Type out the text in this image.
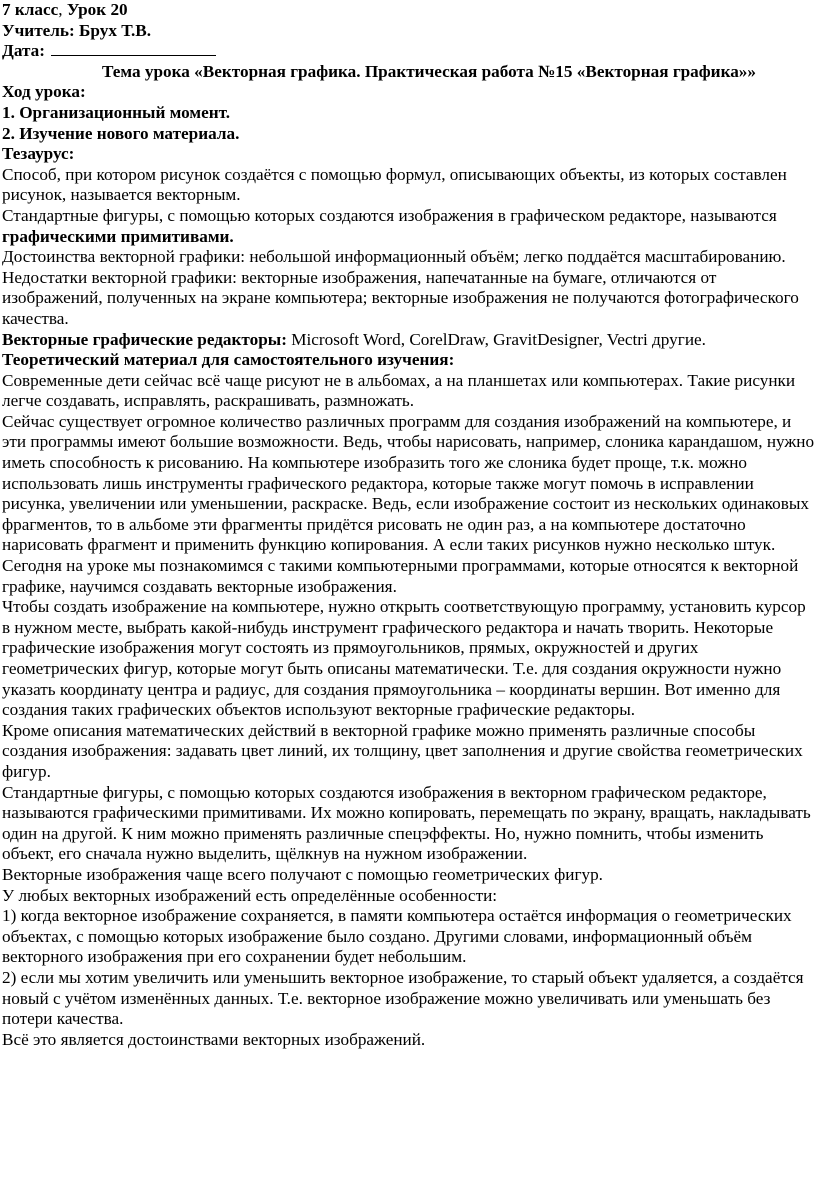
7 класс, Урок 20

Учитель: Брух Т.В.

Дата:

Тема урока «Векторная графика. Практическая работа №15 «Векторная графика»»

Ход урока:

1. Организационный момент.

2. Изучение нового материала.

Тезаурус:

Способ, при котором рисунок создаётся с помощью формул, описывающих объекты, из которых составлен рисунок, называется векторным.

Стандартные фигуры, с помощью которых создаются изображения в графическом редакторе, называются графическими примитивами.

Достоинства векторной графики: небольшой информационный объём; легко поддаётся масштабированию.

Недостатки векторной графики: векторные изображения, напечатанные на бумаге, отличаются от изображений, полученных на экране компьютера; векторные изображения не получаются фотографического качества.

Векторные графические редакторы: Microsoft Word, CorelDraw, GravitDesigner, Vectri другие.

Теоретический материал для самостоятельного изучения:

Современные дети сейчас всё чаще рисуют не в альбомах, а на планшетах или компьютерах. Такие рисунки легче создавать, исправлять, раскрашивать, размножать.

Сейчас существует огромное количество различных программ для создания изображений на компьютере, и эти программы имеют большие возможности. Ведь, чтобы нарисовать, например, слоника карандашом, нужно иметь способность к рисованию. На компьютере изобразить того же слоника будет проще, т.к. можно использовать лишь инструменты графического редактора, которые также могут помочь в исправлении рисунка, увеличении или уменьшении, раскраске. Ведь, если изображение состоит из нескольких одинаковых фрагментов, то в альбоме эти фрагменты придётся рисовать не один раз, а на компьютере достаточно нарисовать фрагмент и применить функцию копирования. А если таких рисунков нужно несколько штук. Сегодня на уроке мы познакомимся с такими компьютерными программами, которые относятся к векторной графике, научимся создавать векторные изображения.

Чтобы создать изображение на компьютере, нужно открыть соответствующую программу, установить курсор в нужном месте, выбрать какой-нибудь инструмент графического редактора и начать творить. Некоторые графические изображения могут состоять из прямоугольников, прямых, окружностей и других геометрических фигур, которые могут быть описаны математически. Т.е. для создания окружности нужно указать координату центра и радиус, для создания прямоугольника – координаты вершин. Вот именно для создания таких графических объектов используют векторные графические редакторы.

Кроме описания математических действий в векторной графике можно применять различные способы создания изображения: задавать цвет линий, их толщину, цвет заполнения и другие свойства геометрических фигур.

Стандартные фигуры, с помощью которых создаются изображения в векторном графическом редакторе, называются графическими примитивами. Их можно копировать, перемещать по экрану, вращать, накладывать один на другой. К ним можно применять различные спецэффекты. Но, нужно помнить, чтобы изменить объект, его сначала нужно выделить, щёлкнув на нужном изображении.

Векторные изображения чаще всего получают с помощью геометрических фигур.

У любых векторных изображений есть определённые особенности:

1) когда векторное изображение сохраняется, в памяти компьютера остаётся информация о геометрических объектах, с помощью которых изображение было создано. Другими словами, информационный объём векторного изображения при его сохранении будет небольшим.

2) если мы хотим увеличить или уменьшить векторное изображение, то старый объект удаляется, а создаётся новый с учётом изменённых данных. Т.е. векторное изображение можно увеличивать или уменьшать без потери качества.

Всё это является достоинствами векторных изображений.
